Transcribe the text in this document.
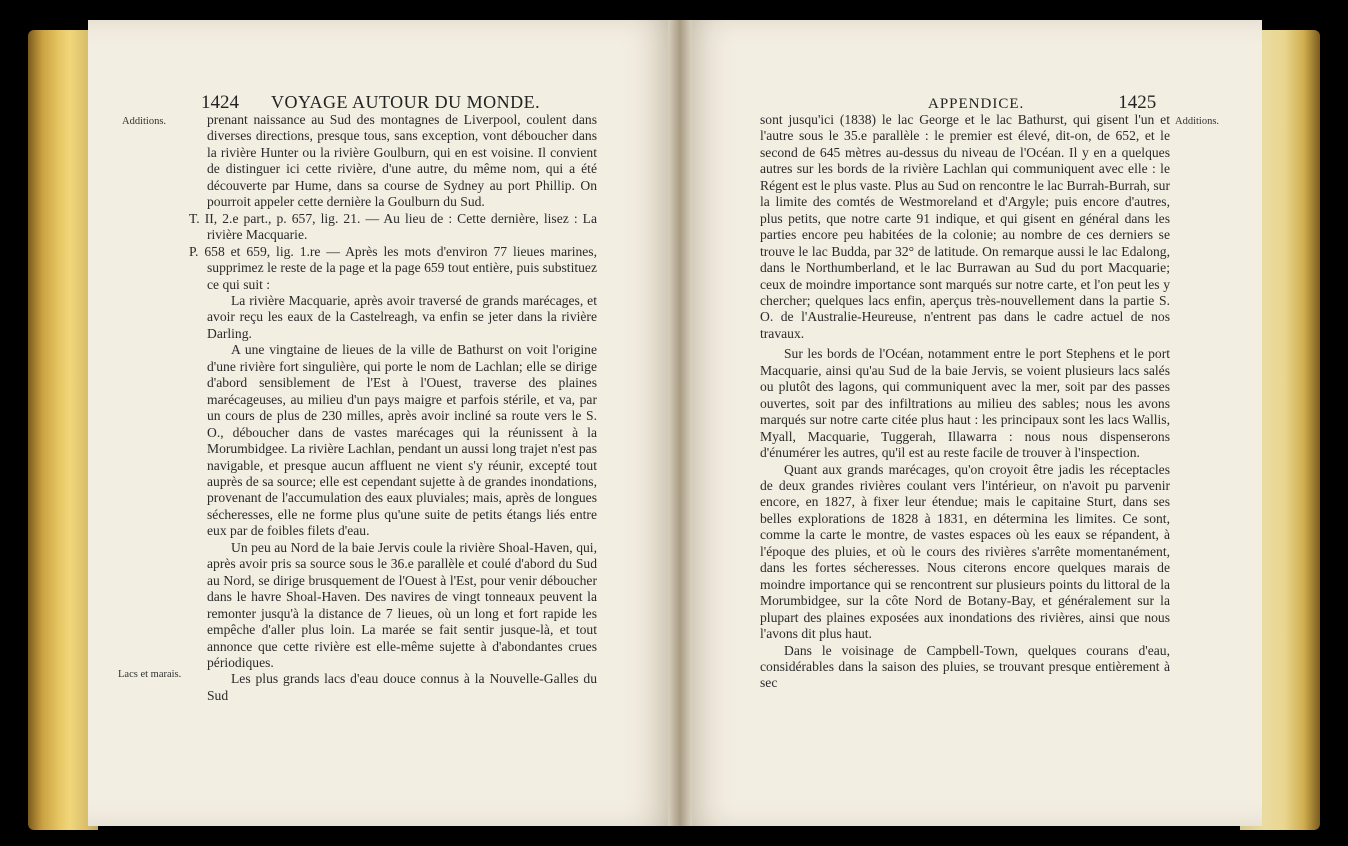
1424 VOYAGE AUTOUR DU MONDE.
Additions.
Lacs et marais.

prenant naissance au Sud des montagnes de Liverpool, coulent dans diverses directions, presque tous, sans exception, vont déboucher dans la rivière Hunter ou la rivière Goulburn, qui en est voisine. Il convient de distinguer ici cette rivière, d'une autre, du même nom, qui a été découverte par Hume, dans sa course de Sydney au port Phillip. On pourroit appeler cette dernière la Goulburn du Sud.

T. II, 2.e part., p. 657, lig. 21. — Au lieu de : Cette dernière, lisez : La rivière Macquarie.

P. 658 et 659, lig. 1.re — Après les mots d'environ 77 lieues marines, supprimez le reste de la page et la page 659 tout entière, puis substituez ce qui suit :

La rivière Macquarie, après avoir traversé de grands marécages, et avoir reçu les eaux de la Castelreagh, va enfin se jeter dans la rivière Darling.

A une vingtaine de lieues de la ville de Bathurst on voit l'origine d'une rivière fort singulière, qui porte le nom de Lachlan; elle se dirige d'abord sensiblement de l'Est à l'Ouest, traverse des plaines marécageuses, au milieu d'un pays maigre et parfois stérile, et va, par un cours de plus de 230 milles, après avoir incliné sa route vers le S. O., déboucher dans de vastes marécages qui la réunissent à la Morumbidgee. La rivière Lachlan, pendant un aussi long trajet n'est pas navigable, et presque aucun affluent ne vient s'y réunir, excepté tout auprès de sa source; elle est cependant sujette à de grandes inondations, provenant de l'accumulation des eaux pluviales; mais, après de longues sécheresses, elle ne forme plus qu'une suite de petits étangs liés entre eux par de foibles filets d'eau.

Un peu au Nord de la baie Jervis coule la rivière Shoal-Haven, qui, après avoir pris sa source sous le 36.e parallèle et coulé d'abord du Sud au Nord, se dirige brusquement de l'Ouest à l'Est, pour venir déboucher dans le havre Shoal-Haven. Des navires de vingt tonneaux peuvent la remonter jusqu'à la distance de 7 lieues, où un long et fort rapide les empêche d'aller plus loin. La marée se fait sentir jusque-là, et tout annonce que cette rivière est elle-même sujette à d'abondantes crues périodiques.

Les plus grands lacs d'eau douce connus à la Nouvelle-Galles du Sud

APPENDICE.	1425
Additions.

sont jusqu'ici (1838) le lac George et le lac Bathurst, qui gisent l'un et l'autre sous le 35.e parallèle : le premier est élevé, dit-on, de 652, et le second de 645 mètres au-dessus du niveau de l'Océan. Il y en a quelques autres sur les bords de la rivière Lachlan qui communiquent avec elle : le Régent est le plus vaste. Plus au Sud on rencontre le lac Burrah-Burrah, sur la limite des comtés de Westmoreland et d'Argyle; puis encore d'autres, plus petits, que notre carte 91 indique, et qui gisent en général dans les parties encore peu habitées de la colonie; au nombre de ces derniers se trouve le lac Budda, par 32° de latitude. On remarque aussi le lac Edalong, dans le Northumberland, et le lac Burrawan au Sud du port Macquarie; ceux de moindre importance sont marqués sur notre carte, et l'on peut les y chercher; quelques lacs enfin, aperçus très-nouvellement dans la partie S. O. de l'Australie-Heureuse, n'entrent pas dans le cadre actuel de nos travaux.

Sur les bords de l'Océan, notamment entre le port Stephens et le port Macquarie, ainsi qu'au Sud de la baie Jervis, se voient plusieurs lacs salés ou plutôt des lagons, qui communiquent avec la mer, soit par des passes ouvertes, soit par des infiltrations au milieu des sables; nous les avons marqués sur notre carte citée plus haut : les principaux sont les lacs Wallis, Myall, Macquarie, Tuggerah, Illawarra : nous nous dispenserons d'énumérer les autres, qu'il est au reste facile de trouver à l'inspection.

Quant aux grands marécages, qu'on croyoit être jadis les réceptacles de deux grandes rivières coulant vers l'intérieur, on n'avoit pu parvenir encore, en 1827, à fixer leur étendue; mais le capitaine Sturt, dans ses belles explorations de 1828 à 1831, en détermina les limites. Ce sont, comme la carte le montre, de vastes espaces où les eaux se répandent, à l'époque des pluies, et où le cours des rivières s'arrête momentanément, dans les fortes sécheresses. Nous citerons encore quelques marais de moindre importance qui se rencontrent sur plusieurs points du littoral de la Morumbidgee, sur la côte Nord de Botany-Bay, et généralement sur la plupart des plaines exposées aux inondations des rivières, ainsi que nous l'avons dit plus haut.

Dans le voisinage de Campbell-Town, quelques courans d'eau, considérables dans la saison des pluies, se trouvant presque entièrement à sec
